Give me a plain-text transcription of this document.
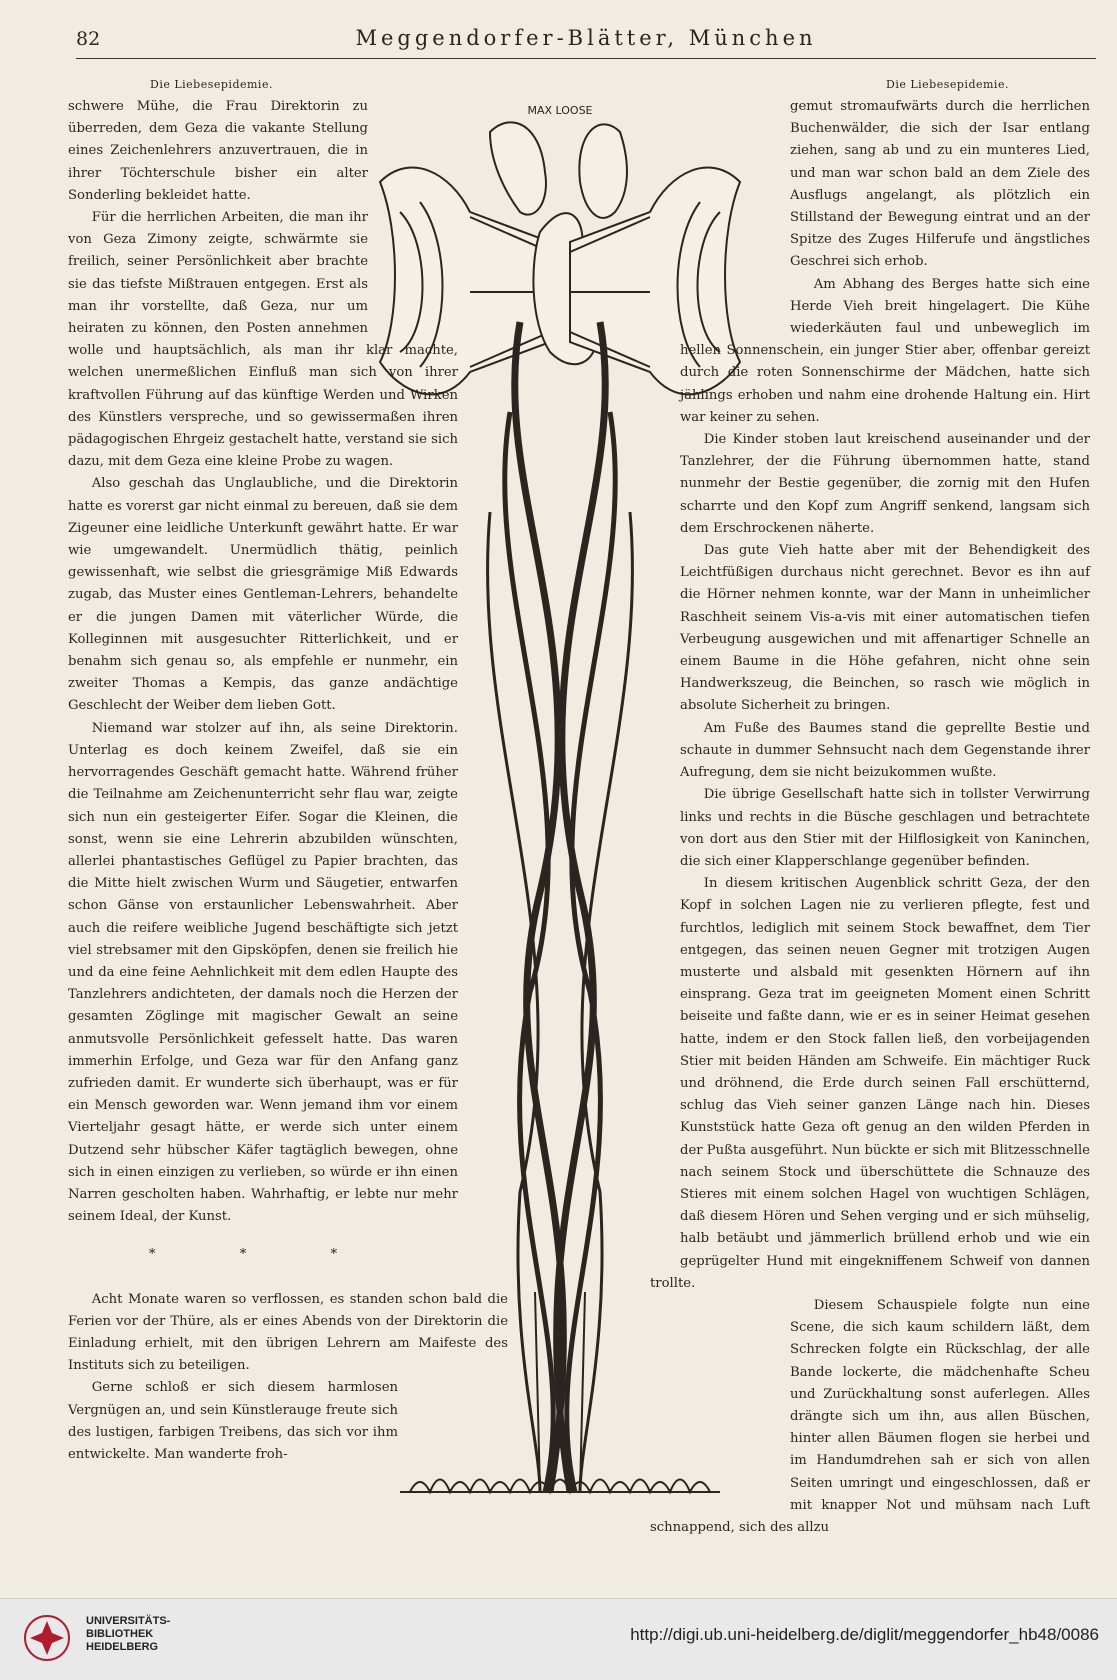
82	Meggendorfer-Blätter, München
Die Liebesepidemie.	Die Liebesepidemie.
MAX LOOSE

schwere Mühe, die Frau Direktorin zu überreden, dem Geza die vakante Stellung eines Zeichenlehrers anzuvertrauen, die in ihrer Töchterschule bisher ein alter Sonderling bekleidet hatte.

Für die herrlichen Arbeiten, die man ihr von Geza Zimony zeigte, schwärmte sie freilich, seiner Persönlichkeit aber brachte sie das tiefste Mißtrauen entgegen. Erst als man ihr vorstellte, daß Geza, nur um heiraten zu können, den Posten annehmen wolle und hauptsächlich, als man ihr klar machte, welchen unermeßlichen Einfluß man sich von ihrer kraftvollen Führung auf das künftige Werden und Wirken des Künstlers verspreche, und so gewissermaßen ihren pädagogischen Ehrgeiz gestachelt hatte, verstand sie sich dazu, mit dem Geza eine kleine Probe zu wagen.

Also geschah das Unglaubliche, und die Direktorin hatte es vorerst gar nicht einmal zu bereuen, daß sie dem Zigeuner eine leidliche Unterkunft gewährt hatte. Er war wie umgewandelt. Unermüdlich thätig, peinlich gewissenhaft, wie selbst die griesgrämige Miß Edwards zugab, das Muster eines Gentleman-Lehrers, behandelte er die jungen Damen mit väterlicher Würde, die Kolleginnen mit ausgesuchter Ritterlichkeit, und er benahm sich genau so, als empfehle er nunmehr, ein zweiter Thomas a Kempis, das ganze andächtige Geschlecht der Weiber dem lieben Gott.

Niemand war stolzer auf ihn, als seine Direktorin. Unterlag es doch keinem Zweifel, daß sie ein hervorragendes Geschäft gemacht hatte. Während früher die Teilnahme am Zeichenunterricht sehr flau war, zeigte sich nun ein gesteigerter Eifer. Sogar die Kleinen, die sonst, wenn sie eine Lehrerin abzubilden wünschten, allerlei phantastisches Geflügel zu Papier brachten, das die Mitte hielt zwischen Wurm und Säugetier, entwarfen schon Gänse von erstaunlicher Lebenswahrheit. Aber auch die reifere weibliche Jugend beschäftigte sich jetzt viel strebsamer mit den Gipsköpfen, denen sie freilich hie und da eine feine Aehnlichkeit mit dem edlen Haupte des Tanzlehrers andichteten, der damals noch die Herzen der gesamten Zöglinge mit magischer Gewalt an seine anmutsvolle Persönlichkeit gefesselt hatte. Das waren immerhin Erfolge, und Geza war für den Anfang ganz zufrieden damit. Er wunderte sich überhaupt, was er für ein Mensch geworden war. Wenn jemand ihm vor einem Vierteljahr gesagt hätte, er werde sich unter einem Dutzend sehr hübscher Käfer tagtäglich bewegen, ohne sich in einen einzigen zu verlieben, so würde er ihn einen Narren gescholten haben. Wahrhaftig, er lebte nur mehr seinem Ideal, der Kunst.

* * *

Acht Monate waren so verflossen, es standen schon bald die Ferien vor der Thüre, als er eines Abends von der Direktorin die Einladung erhielt, mit den übrigen Lehrern am Maifeste des Instituts sich zu beteiligen.

Gerne schloß er sich diesem harmlosen Vergnügen an, und sein Künstlerauge freute sich des lustigen, farbigen Treibens, das sich vor ihm entwickelte. Man wanderte froh-

gemut stromaufwärts durch die herrlichen Buchenwälder, die sich der Isar entlang ziehen, sang ab und zu ein munteres Lied, und man war schon bald an dem Ziele des Ausflugs angelangt, als plötzlich ein Stillstand der Bewegung eintrat und an der Spitze des Zuges Hilferufe und ängstliches Geschrei sich erhob.

Am Abhang des Berges hatte sich eine Herde Vieh breit hingelagert. Die Kühe wiederkäuten faul und unbeweglich im hellen Sonnenschein, ein junger Stier aber, offenbar gereizt durch die roten Sonnenschirme der Mädchen, hatte sich jählings erhoben und nahm eine drohende Haltung ein. Hirt war keiner zu sehen.

Die Kinder stoben laut kreischend auseinander und der Tanzlehrer, der die Führung übernommen hatte, stand nunmehr der Bestie gegenüber, die zornig mit den Hufen scharrte und den Kopf zum Angriff senkend, langsam sich dem Erschrockenen näherte.

Das gute Vieh hatte aber mit der Behendigkeit des Leichtfüßigen durchaus nicht gerechnet. Bevor es ihn auf die Hörner nehmen konnte, war der Mann in unheimlicher Raschheit seinem Vis-a-vis mit einer automatischen tiefen Verbeugung ausgewichen und mit affenartiger Schnelle an einem Baume in die Höhe gefahren, nicht ohne sein Handwerkszeug, die Beinchen, so rasch wie möglich in absolute Sicherheit zu bringen.

Am Fuße des Baumes stand die geprellte Bestie und schaute in dummer Sehnsucht nach dem Gegenstande ihrer Aufregung, dem sie nicht beizukommen wußte.

Die übrige Gesellschaft hatte sich in tollster Verwirrung links und rechts in die Büsche geschlagen und betrachtete von dort aus den Stier mit der Hilflosigkeit von Kaninchen, die sich einer Klapperschlange gegenüber befinden.

In diesem kritischen Augenblick schritt Geza, der den Kopf in solchen Lagen nie zu verlieren pflegte, fest und furchtlos, lediglich mit seinem Stock bewaffnet, dem Tier entgegen, das seinen neuen Gegner mit trotzigen Augen musterte und alsbald mit gesenkten Hörnern auf ihn einsprang. Geza trat im geeigneten Moment einen Schritt beiseite und faßte dann, wie er es in seiner Heimat gesehen hatte, indem er den Stock fallen ließ, den vorbeijagenden Stier mit beiden Händen am Schweife. Ein mächtiger Ruck und dröhnend, die Erde durch seinen Fall erschütternd, schlug das Vieh seiner ganzen Länge nach hin. Dieses Kunststück hatte Geza oft genug an den wilden Pferden in der Pußta ausgeführt. Nun bückte er sich mit Blitzesschnelle nach seinem Stock und überschüttete die Schnauze des Stieres mit einem solchen Hagel von wuchtigen Schlägen, daß diesem Hören und Sehen verging und er sich mühselig, halb betäubt und jämmerlich brüllend erhob und wie ein geprügelter Hund mit eingekniffenem Schweif von dannen trollte.

Diesem Schauspiele folgte nun eine Scene, die sich kaum schildern läßt, dem Schrecken folgte ein Rückschlag, der alle Bande lockerte, die mädchenhafte Scheu und Zurückhaltung sonst auferlegen. Alles drängte sich um ihn, aus allen Büschen, hinter allen Bäumen flogen sie herbei und im Handumdrehen sah er sich von allen Seiten umringt und eingeschlossen, daß er mit knapper Not und mühsam nach Luft schnappend, sich des allzu

UNIVERSITÄTS-
BIBLIOTHEK
HEIDELBERG
http://digi.ub.uni-heidelberg.de/diglit/meggendorfer_hb48/0086
